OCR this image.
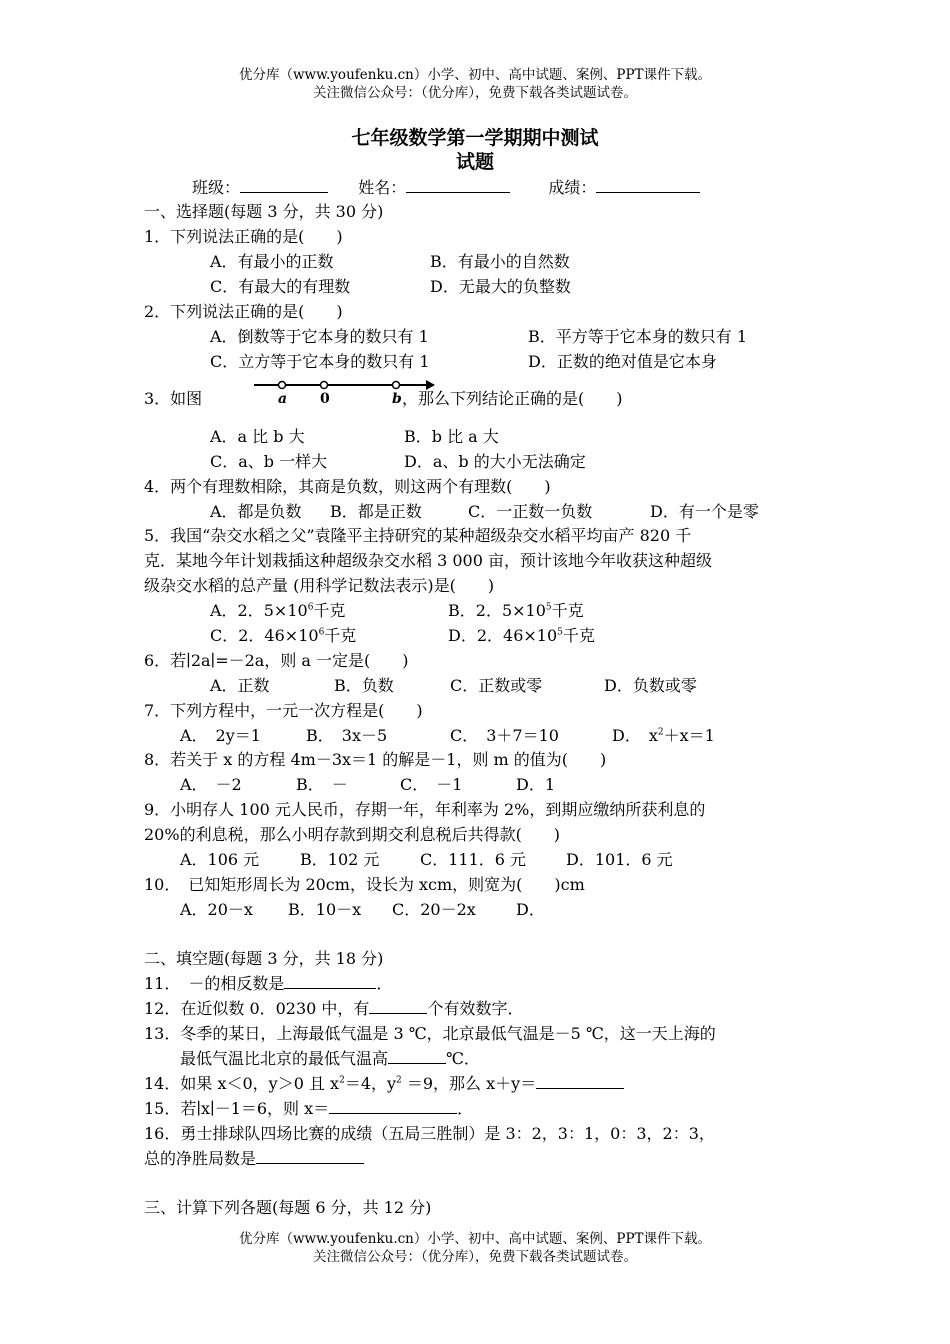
优分库（www.youfenku.cn）小学、初中、高中试题、案例、PPT课件下载。
关注微信公众号：（优分库），免费下载各类试题试卷。
七年级数学第一学期期中测试
试题
班级：	姓名：	成绩：
一、选择题(每题 3 分，共 30 分)
1．下列说法正确的是(　　)
A．有最小的正数	B．有最小的自然数
C．有最大的有理数	D．无最大的负整数
2．下列说法正确的是(　　)
A．倒数等于它本身的数只有 1	B．平方等于它本身的数只有 1
C．立方等于它本身的数只有 1	D．正数的绝对值是它本身
3．如图	a 0	b ，那么下列结论正确的是(　　)
A．a 比 b 大	B．b 比 a 大
C．a、b 一样大	D．a、b 的大小无法确定
4．两个有理数相除，其商是负数，则这两个有理数(　　)
A．都是负数 B．都是正数	C．一正数一负数	D．有一个是零
5．我国“杂交水稻之父”袁隆平主持研究的某种超级杂交水稻平均亩产 820 千
克．某地今年计划栽插这种超级杂交水稻 3 000 亩，预计该地今年收获这种超级
级杂交水稻的总产量 (用科学记数法表示)是(　　)
A．2．$5\times 10^6$千克	B．2．$5\times 10^5$千克
C．2．$46\times 10^6$千克	D．2．$46\times 10^5$千克
6．若∣2a∣=－2a，则 a 一定是(　　)
A．正数	B．负数	C．正数或零	D．负数或零
7．下列方程中，一元一次方程是(　　)
A．　2y＝1	B．　3x－5	C．　3＋7＝10	D．　$x^2+x=1$
8．若关于 x 的方程 4m－3x＝1 的解是－1，则 m 的值为(　　)
A．　－2	B．　－	C．　－1	D．1
9．小明存人 100 元人民币，存期一年，年利率为 2%，到期应缴纳所获利息的
20%的利息税，那么小明存款到期交利息税后共得款(　　)
A．106 元	B．102 元	C．111．6 元 D．101．6 元
10．　已知矩形周长为 20cm，设长为 xcm，则宽为(　　)cm
A．20－x B．10－x C．20－2x	D．
二、填空题(每题 3 分，共 18 分)
11．　－的相反数是	．
12．在近似数 0．0230 中，有	个有效数字．
13．冬季的某日，上海最低气温是 3 ℃，北京最低气温是－5 ℃，这一天上海的
最低气温比北京的最低气温高	℃．
14．如果 x＜0，y＞0 且 $x^2=4$，$y^2 =9$，那么 x＋y＝
15．若∣x∣－1＝6，则 x＝	．
16．勇士排球队四场比赛的成绩（五局三胜制）是 3：2，3：1，0：3，2：3，
总的净胜局数是
三、计算下列各题(每题 6 分，共 12 分)
优分库（www.youfenku.cn）小学、初中、高中试题、案例、PPT课件下载。
关注微信公众号：（优分库），免费下载各类试题试卷。
